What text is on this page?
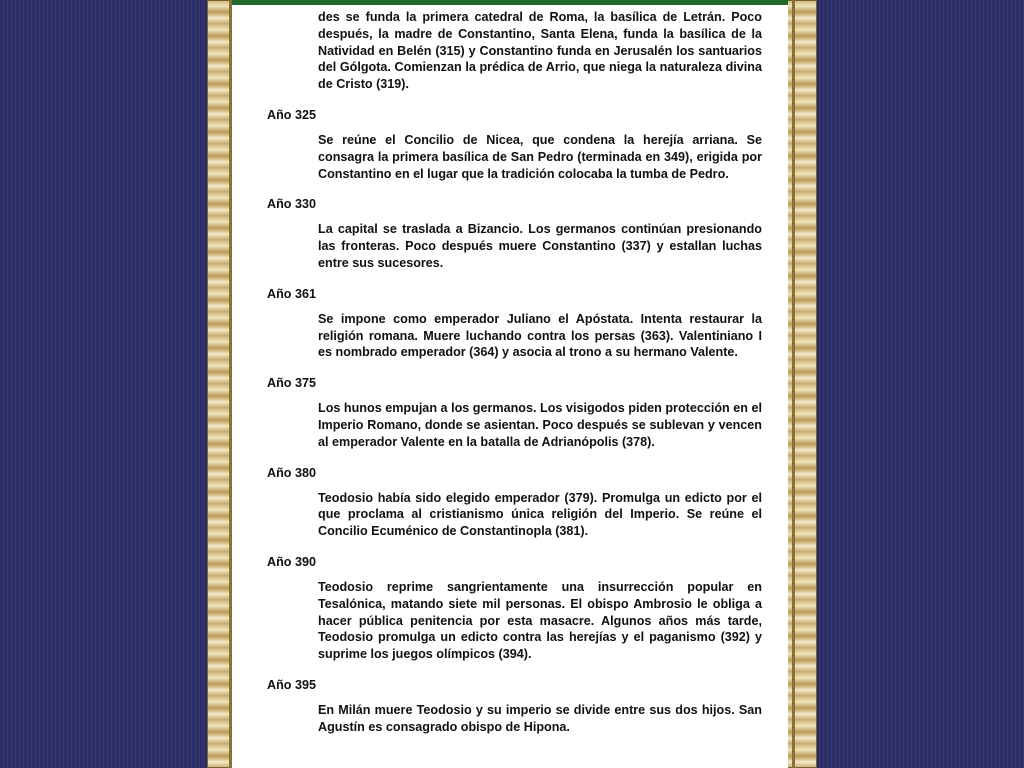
des se funda la primera catedral de Roma, la basílica de Letrán. Poco después, la madre de Constantino, Santa Elena, funda la basílica de la Natividad en Belén (315) y Constantino funda en Jerusalén los santuarios del Gólgota. Comienzan la prédica de Arrio, que niega la naturaleza divina de Cristo (319).
Año 325
Se reúne el Concilio de Nicea, que condena la herejía arriana. Se consagra la primera basílica de San Pedro (terminada en 349), erigida por Constantino en el lugar que la tradición colocaba la tumba de Pedro.
Año 330
La capital se traslada a Bizancio. Los germanos continúan presionando las fronteras. Poco después muere Constantino (337) y estallan luchas entre sus sucesores.
Año 361
Se impone como emperador Juliano el Apóstata. Intenta restaurar la religión romana. Muere luchando contra los persas (363). Valentiniano I es nombrado emperador (364) y asocia al trono a su hermano Valente.
Año 375
Los hunos empujan a los germanos. Los visigodos piden protección en el Imperio Romano, donde se asientan. Poco después se sublevan y vencen al emperador Valente en la batalla de Adrianópolis (378).
Año 380
Teodosio había sido elegido emperador (379). Promulga un edicto por el que proclama al cristianismo única religión del Imperio. Se reúne el Concilio Ecuménico de Constantinopla (381).
Año 390
Teodosio reprime sangrientamente una insurrección popular en Tesalónica, matando siete mil personas. El obispo Ambrosio le obliga a hacer pública penitencia por esta masacre. Algunos años más tarde, Teodosio promulga un edicto contra las herejías y el paganismo (392) y suprime los juegos olímpicos (394).
Año 395
En Milán muere Teodosio y su imperio se divide entre sus dos hijos. San Agustín es consagrado obispo de Hipona.
